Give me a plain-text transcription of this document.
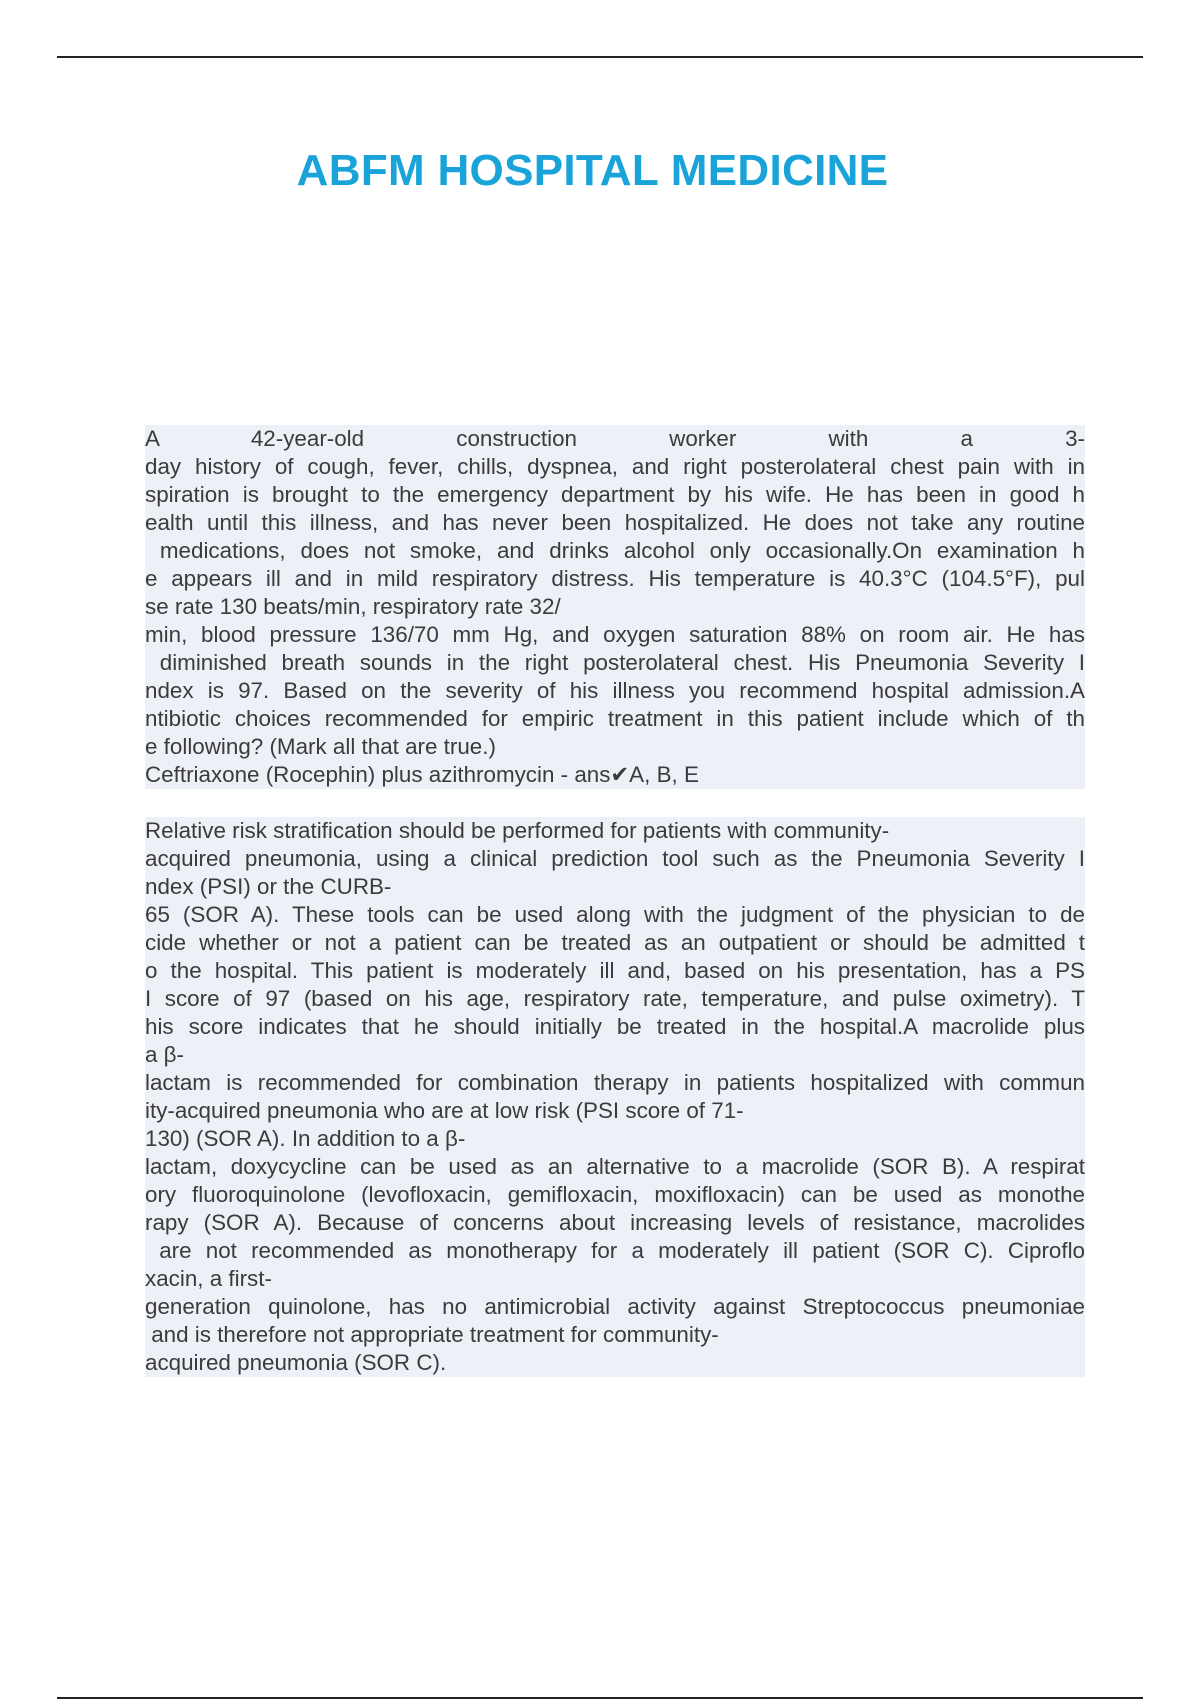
ABFM HOSPITAL MEDICINE
A 42-year-old construction worker with a 3-
day history of cough, fever, chills, dyspnea, and right posterolateral chest pain with in
spiration is brought to the emergency department by his wife. He has been in good h
ealth until this illness, and has never been hospitalized. He does not take any routine
medications, does not smoke, and drinks alcohol only occasionally.On examination h
e appears ill and in mild respiratory distress. His temperature is 40.3°C (104.5°F), pul
se rate 130 beats/min, respiratory rate 32/
min, blood pressure 136/70 mm Hg, and oxygen saturation 88% on room air. He has
diminished breath sounds in the right posterolateral chest. His Pneumonia Severity I
ndex is 97. Based on the severity of his illness you recommend hospital admission.A
ntibiotic choices recommended for empiric treatment in this patient include which of th
e following? (Mark all that are true.)
Ceftriaxone (Rocephin) plus azithromycin - ans✔A, B, E
Relative risk stratification should be performed for patients with community-
acquired pneumonia, using a clinical prediction tool such as the Pneumonia Severity I
ndex (PSI) or the CURB-
65 (SOR A). These tools can be used along with the judgment of the physician to de
cide whether or not a patient can be treated as an outpatient or should be admitted t
o the hospital. This patient is moderately ill and, based on his presentation, has a PS
I score of 97 (based on his age, respiratory rate, temperature, and pulse oximetry). T
his score indicates that he should initially be treated in the hospital.A macrolide plus
a β-
lactam is recommended for combination therapy in patients hospitalized with commun
ity-acquired pneumonia who are at low risk (PSI score of 71-
130) (SOR A). In addition to a β-
lactam, doxycycline can be used as an alternative to a macrolide (SOR B). A respirat
ory fluoroquinolone (levofloxacin, gemifloxacin, moxifloxacin) can be used as monothe
rapy (SOR A). Because of concerns about increasing levels of resistance, macrolides
are not recommended as monotherapy for a moderately ill patient (SOR C). Ciproflo
xacin, a first-
generation quinolone, has no antimicrobial activity against Streptococcus pneumoniae
and is therefore not appropriate treatment for community-
acquired pneumonia (SOR C).
